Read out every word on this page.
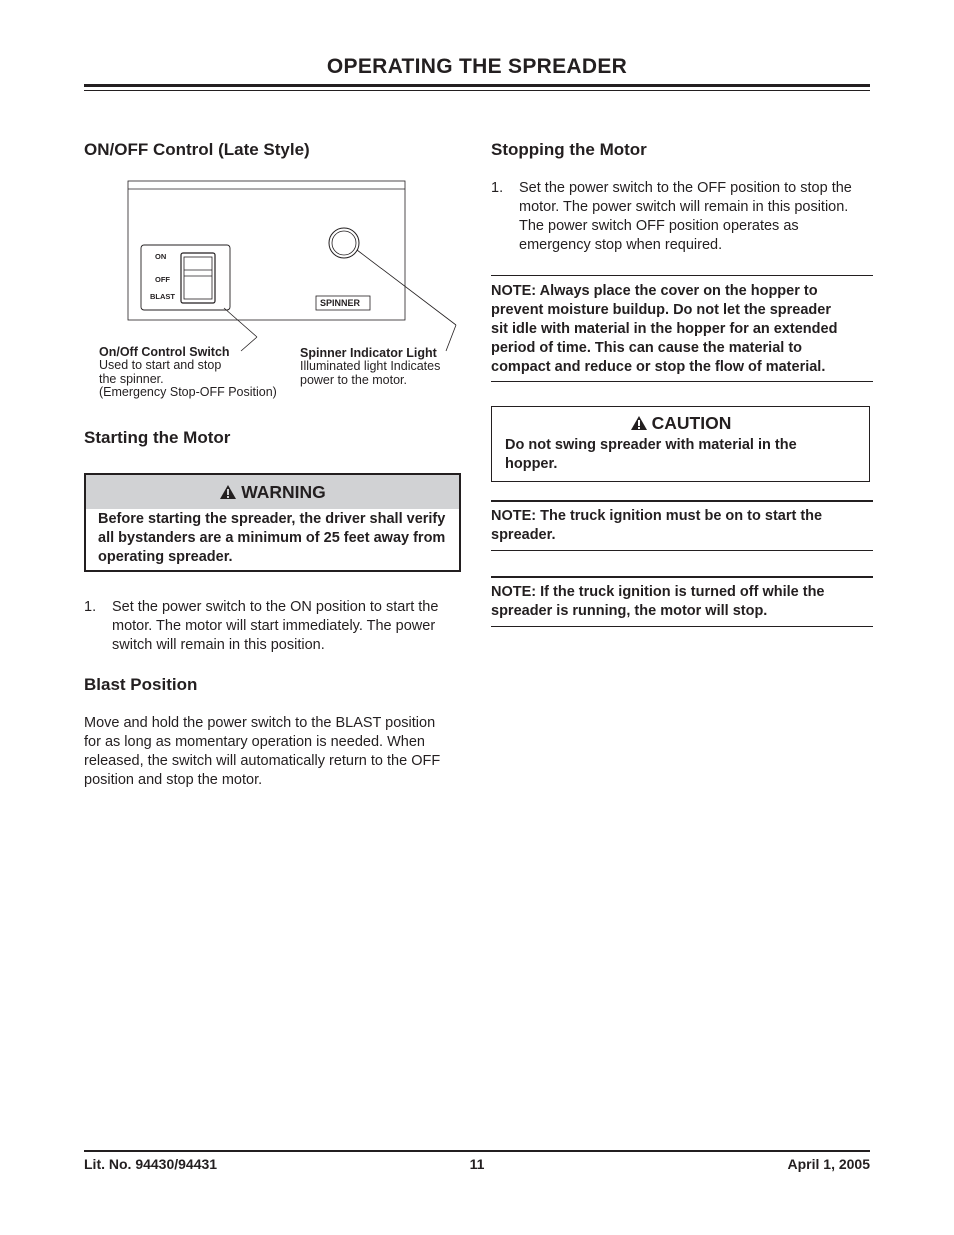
OPERATING THE SPREADER
ON/OFF Control (Late Style)
ON
OFF
BLAST
SPINNER
On/Off Control Switch
Used to start and stop
the spinner.
(Emergency Stop-OFF Position)
Spinner Indicator Light
Illuminated light Indicates
power to the motor.
Starting the Motor
WARNING
Before starting the spreader, the driver shall verify all bystanders are a minimum of 25 feet away from operating spreader.
1. Set the power switch to the ON position to start the
motor. The motor will start immediately. The power
switch will remain in this position.
Blast Position
Move and hold the power switch to the BLAST position
for as long as momentary operation is needed. When
released, the switch will automatically return to the OFF
position and stop the motor.
Stopping the Motor
1. Set the power switch to the OFF position to stop the
motor. The power switch will remain in this position.
The power switch OFF position operates as
emergency stop when required.
NOTE: Always place the cover on the hopper to
prevent moisture buildup. Do not let the spreader
sit idle with material in the hopper for an extended
period of time. This can cause the material to
compact and reduce or stop the flow of material.
CAUTION
Do not swing spreader with material in the
hopper.
NOTE: The truck ignition must be on to start the
spreader.
NOTE: If the truck ignition is turned off while the
spreader is running, the motor will stop.
Lit. No. 94430/94431	11	April 1, 2005
